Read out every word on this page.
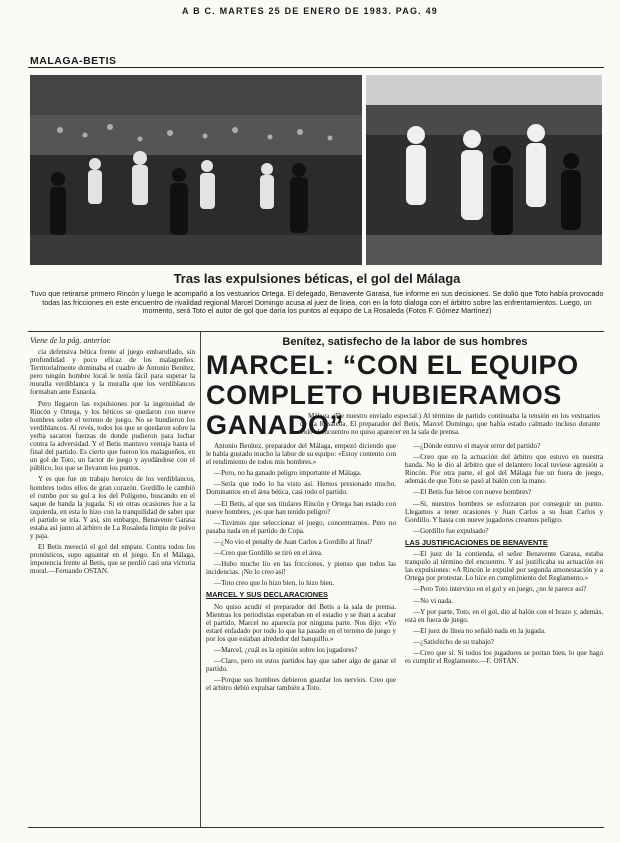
A B C. MARTES 25 DE ENERO DE 1983. PAG. 49
MALAGA-BETIS
Tras las expulsiones béticas, el gol del Málaga
Tuvo que retirarse primero Rincón y luego le acompañó a los vestuarios Ortega. El delegado, Benavente Garasa, fue informe en sus decisiones. Se dolió que Toto había provocado todas las fricciones en este encuentro de rivalidad regional Marcel Domingo acusa al juez de línea, con en la foto dialoga con el árbitro sobre las enfrentamientos. Luego, un momento, será Toto el autor de gol que daría los puntos al equipo de La Rosaleda (Fotos F. Gómez Martínez)
Viene de la pág. anterior.

cia defensiva bética frente al juego embarullado, sin profundidad y poco eficaz de los malagueños. Territorialmente dominaba el cuadro de Antonio Benítez, pero ningún hombre local le tenía fácil para superar la muralla verdiblanca y la muralla que los verdiblancos formaban ante Esnaola.

Pero llegaron las expulsiones por la ingenuidad de Rincón y Ortega, y los béticos se quedaron con nueve hombres sobre el terreno de juego. No se hundieron los verdiblancos. Al revés, todos los que se quedaron sobre la yerba sacaron fuerzas de donde pudieron para luchar contra la adversidad. Y el Betis mantuvo ventaja hasta el final del partido. Es cierto que fueron los malagueños, en un gol de Toto, un factor de juego y ayudándose con el público, los que se llevaron los puntos.

Y es que fue un trabajo heroico de los verdiblancos, hombres todos ellos de gran corazón. Gordillo le cambió el rumbo por su gol a los del Polígono, buscando en el saque de banda la jugada. Si en otras ocasiones fue a la izquierda, en esta lo hizo con la tranquilidad de saber que el partido se iría. Y así, sin embargo, Benavente Garasa estaba así junto al árbitro de La Rosaleda limpio de polvo y paja.

El Betis mereció el gol del empate. Contra todos los pronósticos, supo aguantar en el juego. En el Málaga, impotencia frente al Betis, que se perdió casi una victoria moral.—Fernando OSTAN.

Benítez, satisfecho de la labor de sus hombres
MARCEL: “CON EL EQUIPO COMPLETO HUBIERAMOS GANADO”

Málaga. (De nuestro enviado especial.) Al término de partido continuaba la tensión en los vestuarios de La Rosaleda. El preparador del Betis, Marcel Domingo, que había estado calmado incluso durante todo el encuentro no quiso aparecer en la sala de prensa.

Antonio Benítez, preparador del Málaga, empezó diciendo que le había gustado mucho la labor de su equipo: «Estoy contento con el rendimiento de todos mis hombres.»

—Pero, no ha ganado peligro importante el Málaga.

—Sería que todo lo ha visto así. Hemos presionado mucho. Dominamos en el área bética, casi todo el partido.

—El Betis, al que sus titulares Rincón y Ortega han estado con nueve hombres, ¿es que han tenido peligro?

—Tuvimos que seleccionar el juego, concentrarnos. Pero no pasaba nada en el partido de Copa.

—¿No vio el penalty de Juan Carlos a Gordillo al final?

—Creo que Gordillo se tiró en el área.

—Hubo mucho lío en las fricciones, y pienso que todos las incidencias. ¡No lo creo así!

—Toto creo que lo hizo bien, lo hizo bien.

MARCEL Y SUS DECLARACIONES

No quiso acudir el preparador del Betis a la sala de prensa. Mientras los periodistas esperaban en el estadio y se iban a acabar el partido, Marcel no aparecía por ninguna parte. Nos dijo: «Yo estaré enfadado por todo lo que ha pasado en el terreno de juego y por los que estaban alrededor del banquillo.»

—Marcel, ¿cuál es la opinión sobre los jugadores?

—Claro, pero en estos partidos hay que saber algo de ganar el partido.

—Porque sus hombres debieron guardar los nervios. Creo que el árbitro debió expulsar también a Toto.

—¿Dónde estuvo el mayor error del partido?

—Creo que en la actuación del árbitro que estuvo en nuestra banda. No le dio al árbitro que el delantero local tuviese agresión a Rincón. Por otra parte, el gol del Málaga fue un fuera de juego, además de que Toto se pasó al balón con la mano.

—El Betis fue héroe con nueve hombres?

—Sí, nuestros hombres se esforzaron por conseguir un punto. Llegamos a tener ocasiones y Juan Carlos a su Juan Carlos y Gordillo. Y hasta con nueve jugadores creamos peligro.

—Gordillo fue expulsado?

LAS JUSTIFICACIONES DE BENAVENTE

—El juez de la contienda, el señor Benavente Garasa, estaba tranquilo al término del encuentro. Y así justificaba su actuación en las expulsiones: «A Rincón le expulsé por segunda amonestación y a Ortega por protestar. Lo hice en cumplimiento del Reglamento.»

—Pero Toto intervino en el gol y en juego, ¿no le parece así?

—No vi nada.

—Y por parte, Toto, en el gol, dio al balón con el brazo y, además, está en fuera de juego.

—El juez de línea no señaló nada en la jugada.

—¿Satisfecho de su trabajo?

—Creo que sí. Si todos los jugadores se portan bien, lo que hago es cumplir el Reglamento.—F. OSTAN.
